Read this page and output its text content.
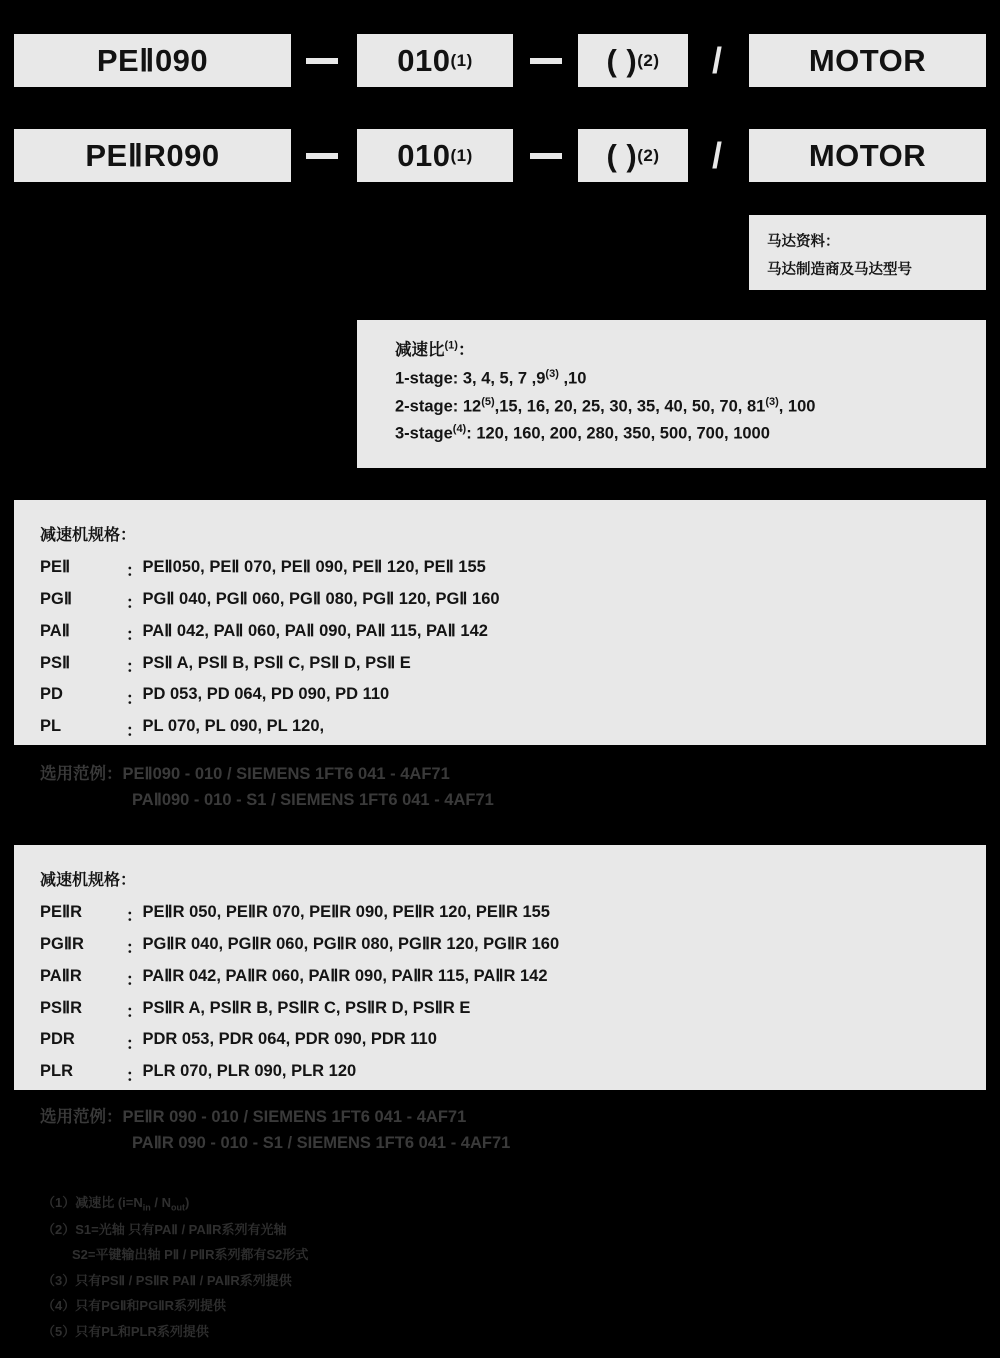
PEⅡ090	010 (1)	( ) (2)	/	MOTOR
PEⅡR090	010 (1)	( ) (2)	/	MOTOR
马达资料：
马达制造商及马达型号
减速比$^{(1)}$：
1-stage: 3, 4, 5, 7 ,9$^{(3)}$ ,10
2-stage: 12$^{(5)}$,15, 16, 20, 25, 30, 35, 40, 50, 70, 81$^{(3)}$, 100
3-stage$^{(4)}$: 120, 160, 200, 280, 350, 500, 700, 1000
减速机规格：
PEⅡ	： PEⅡ050, PEⅡ 070, PEⅡ 090, PEⅡ 120, PEⅡ 155
PGⅡ	： PGⅡ 040, PGⅡ 060, PGⅡ 080, PGⅡ 120, PGⅡ 160
PAⅡ	： PAⅡ 042, PAⅡ 060, PAⅡ 090, PAⅡ 115, PAⅡ 142
PSⅡ	： PSⅡ A, PSⅡ B, PSⅡ C, PSⅡ D, PSⅡ E
PD	： PD 053, PD 064, PD 090, PD 110
PL	： PL 070, PL 090, PL 120,
选用范例：PEⅡ090 - 010 / SIEMENS 1FT6 041 - 4AF71
PAⅡ090 - 010 - S1 / SIEMENS 1FT6 041 - 4AF71
减速机规格：
PEⅡR	： PEⅡR 050, PEⅡR 070, PEⅡR 090, PEⅡR 120, PEⅡR 155
PGⅡR	： PGⅡR 040, PGⅡR 060, PGⅡR 080, PGⅡR 120, PGⅡR 160
PAⅡR	： PAⅡR 042, PAⅡR 060, PAⅡR 090, PAⅡR 115, PAⅡR 142
PSⅡR	： PSⅡR A, PSⅡR B, PSⅡR C, PSⅡR D, PSⅡR E
PDR	： PDR 053, PDR 064, PDR 090, PDR 110
PLR	： PLR 070, PLR 090, PLR 120
选用范例：PEⅡR 090 - 010 / SIEMENS 1FT6 041 - 4AF71
PAⅡR 090 - 010 - S1 / SIEMENS 1FT6 041 - 4AF71
（1）减速比 $(i=N_{in} / N_{out})$
（2）S1=光轴 只有PAⅡ / PAⅡR系列有光轴
S2=平键输出轴 PⅡ / PⅡR系列都有S2形式
（3）只有PSⅡ / PSⅡR PAⅡ / PAⅡR系列提供
（4）只有PGⅡ和PGⅡR系列提供
（5）只有PL和PLR系列提供
